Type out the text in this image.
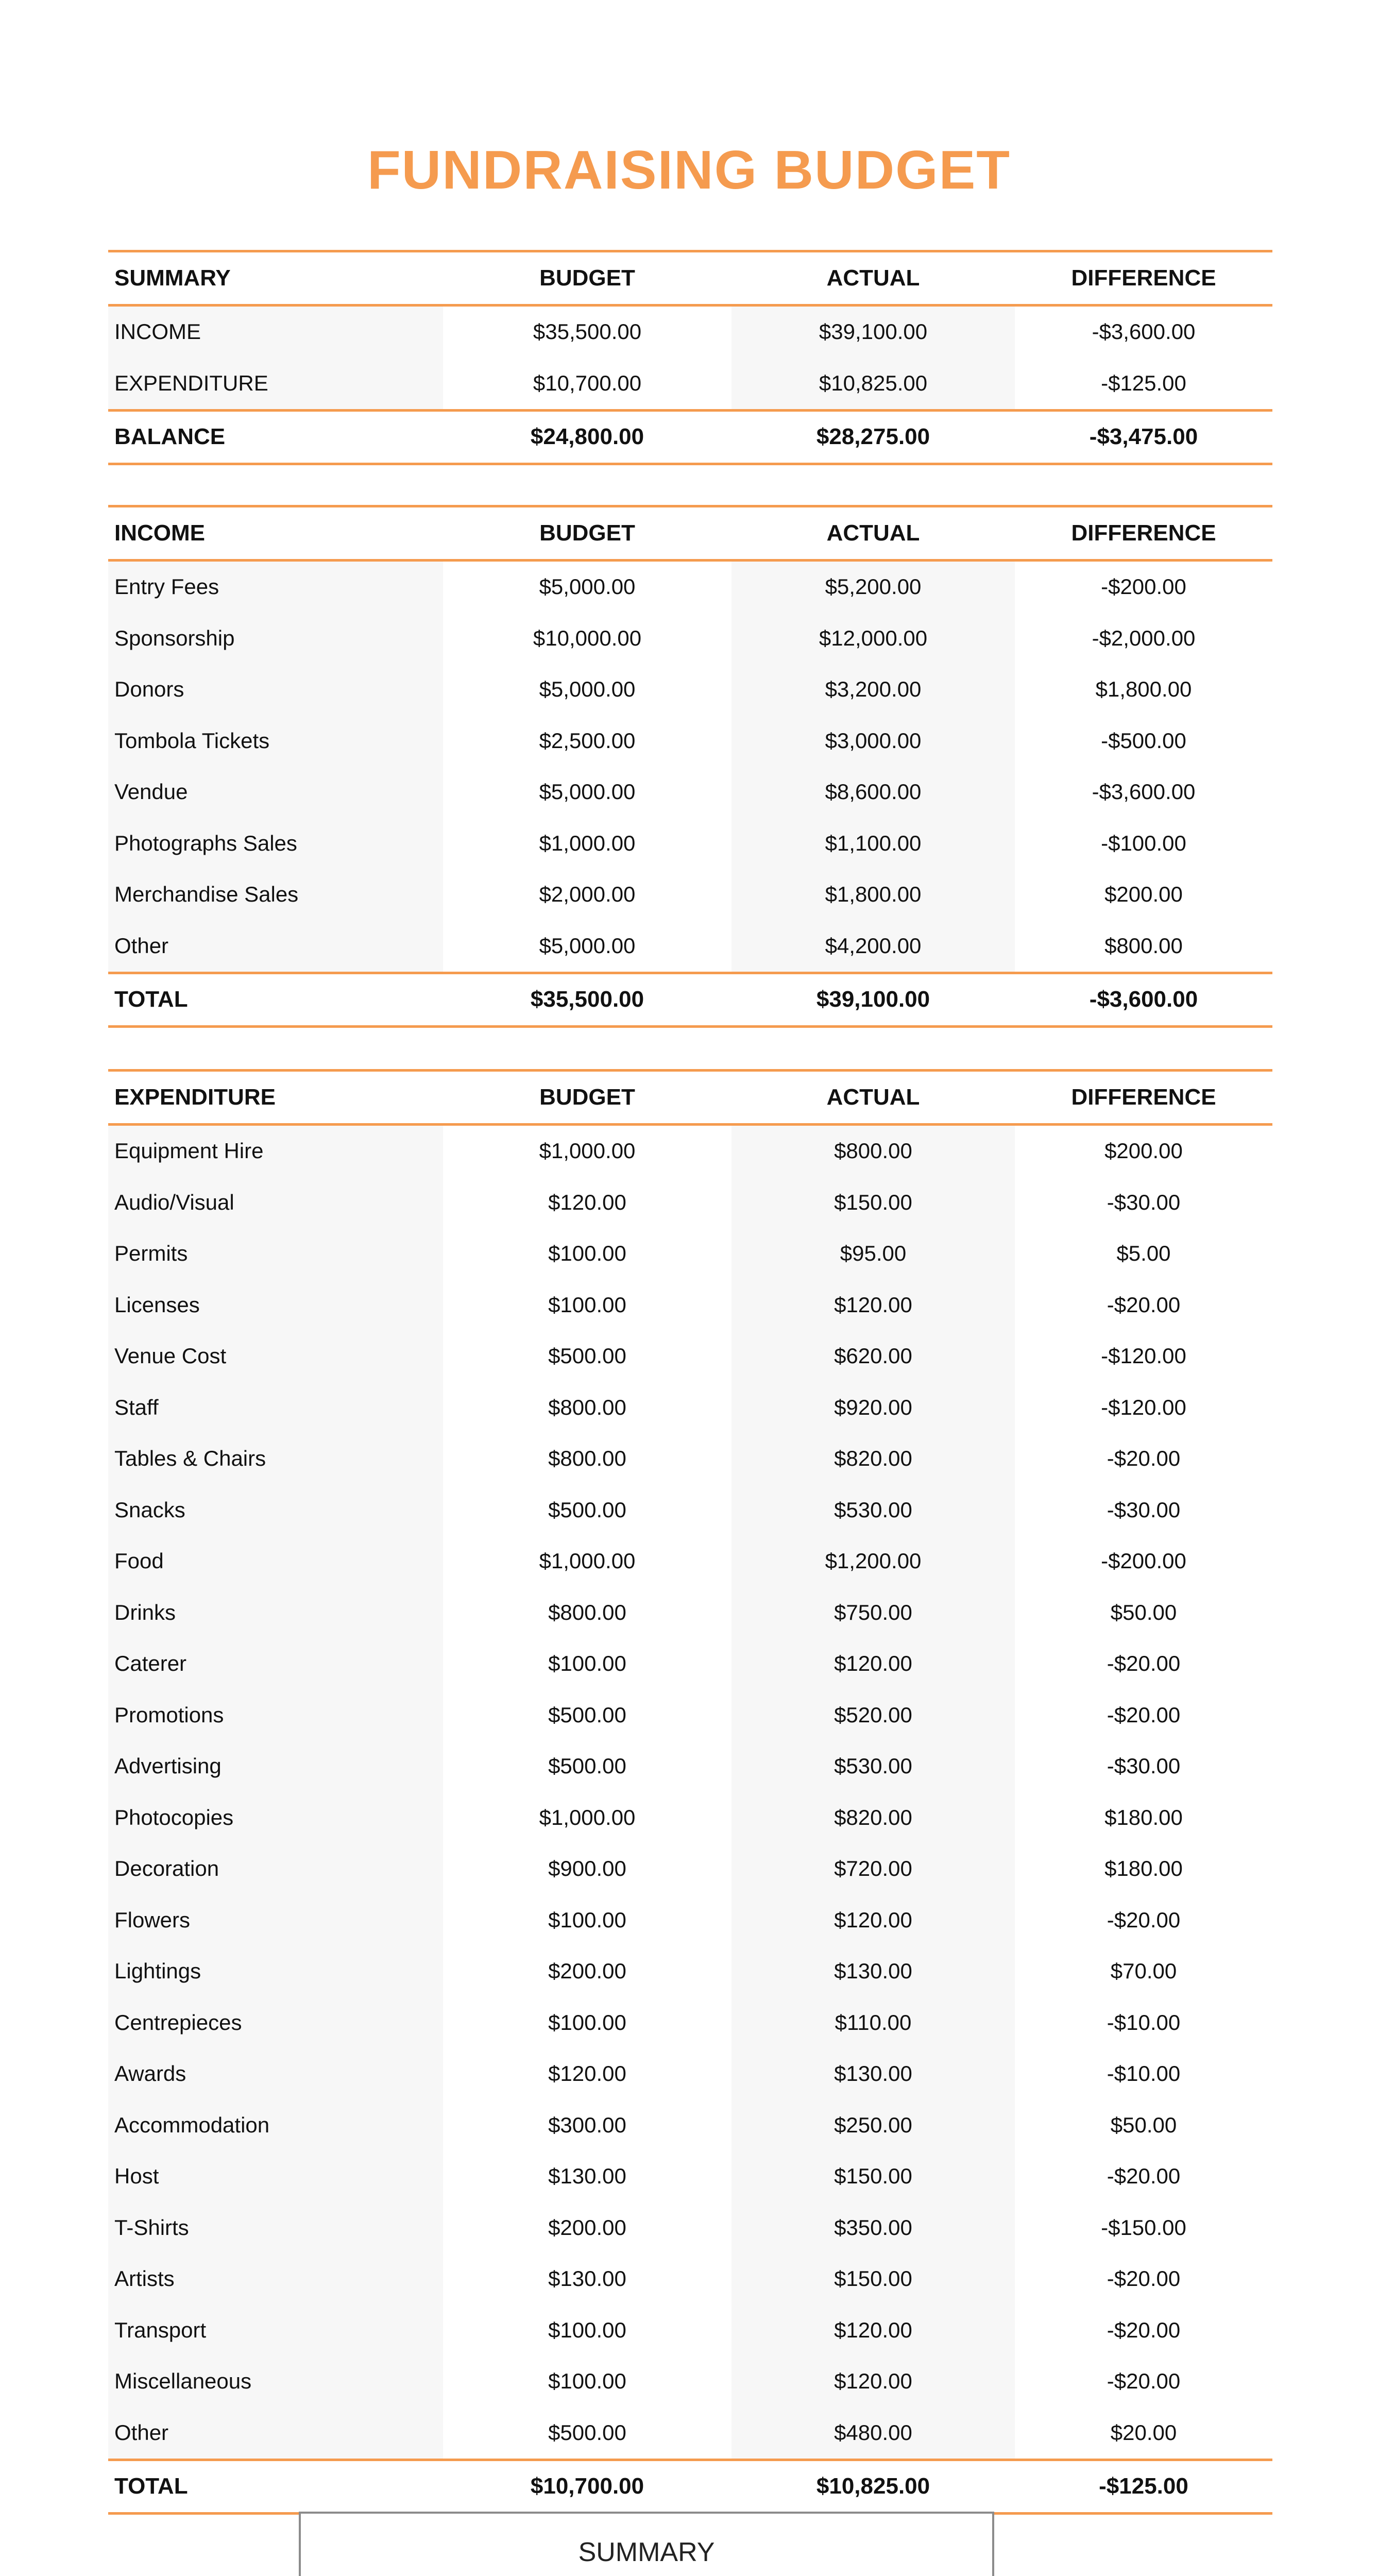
FUNDRAISING BUDGET
SUMMARY	BUDGET	ACTUAL	DIFFERENCE
INCOME	$35,500.00	$39,100.00	-$3,600.00
EXPENDITURE	$10,700.00	$10,825.00	-$125.00
BALANCE	$24,800.00	$28,275.00	-$3,475.00
INCOME	BUDGET	ACTUAL	DIFFERENCE
Entry Fees	$5,000.00	$5,200.00	-$200.00
Sponsorship	$10,000.00	$12,000.00	-$2,000.00
Donors	$5,000.00	$3,200.00	$1,800.00
Tombola Tickets	$2,500.00	$3,000.00	-$500.00
Vendue	$5,000.00	$8,600.00	-$3,600.00
Photographs Sales	$1,000.00	$1,100.00	-$100.00
Merchandise Sales	$2,000.00	$1,800.00	$200.00
Other	$5,000.00	$4,200.00	$800.00
TOTAL	$35,500.00	$39,100.00	-$3,600.00
EXPENDITURE	BUDGET	ACTUAL	DIFFERENCE
Equipment Hire	$1,000.00	$800.00	$200.00
Audio/Visual	$120.00	$150.00	-$30.00
Permits	$100.00	$95.00	$5.00
Licenses	$100.00	$120.00	-$20.00
Venue Cost	$500.00	$620.00	-$120.00
Staff	$800.00	$920.00	-$120.00
Tables & Chairs	$800.00	$820.00	-$20.00
Snacks	$500.00	$530.00	-$30.00
Food	$1,000.00	$1,200.00	-$200.00
Drinks	$800.00	$750.00	$50.00
Caterer	$100.00	$120.00	-$20.00
Promotions	$500.00	$520.00	-$20.00
Advertising	$500.00	$530.00	-$30.00
Photocopies	$1,000.00	$820.00	$180.00
Decoration	$900.00	$720.00	$180.00
Flowers	$100.00	$120.00	-$20.00
Lightings	$200.00	$130.00	$70.00
Centrepieces	$100.00	$110.00	-$10.00
Awards	$120.00	$130.00	-$10.00
Accommodation	$300.00	$250.00	$50.00
Host	$130.00	$150.00	-$20.00
T-Shirts	$200.00	$350.00	-$150.00
Artists	$130.00	$150.00	-$20.00
Transport	$100.00	$120.00	-$20.00
Miscellaneous	$100.00	$120.00	-$20.00
Other	$500.00	$480.00	$20.00
TOTAL	$10,700.00	$10,825.00	-$125.00
SUMMARY
